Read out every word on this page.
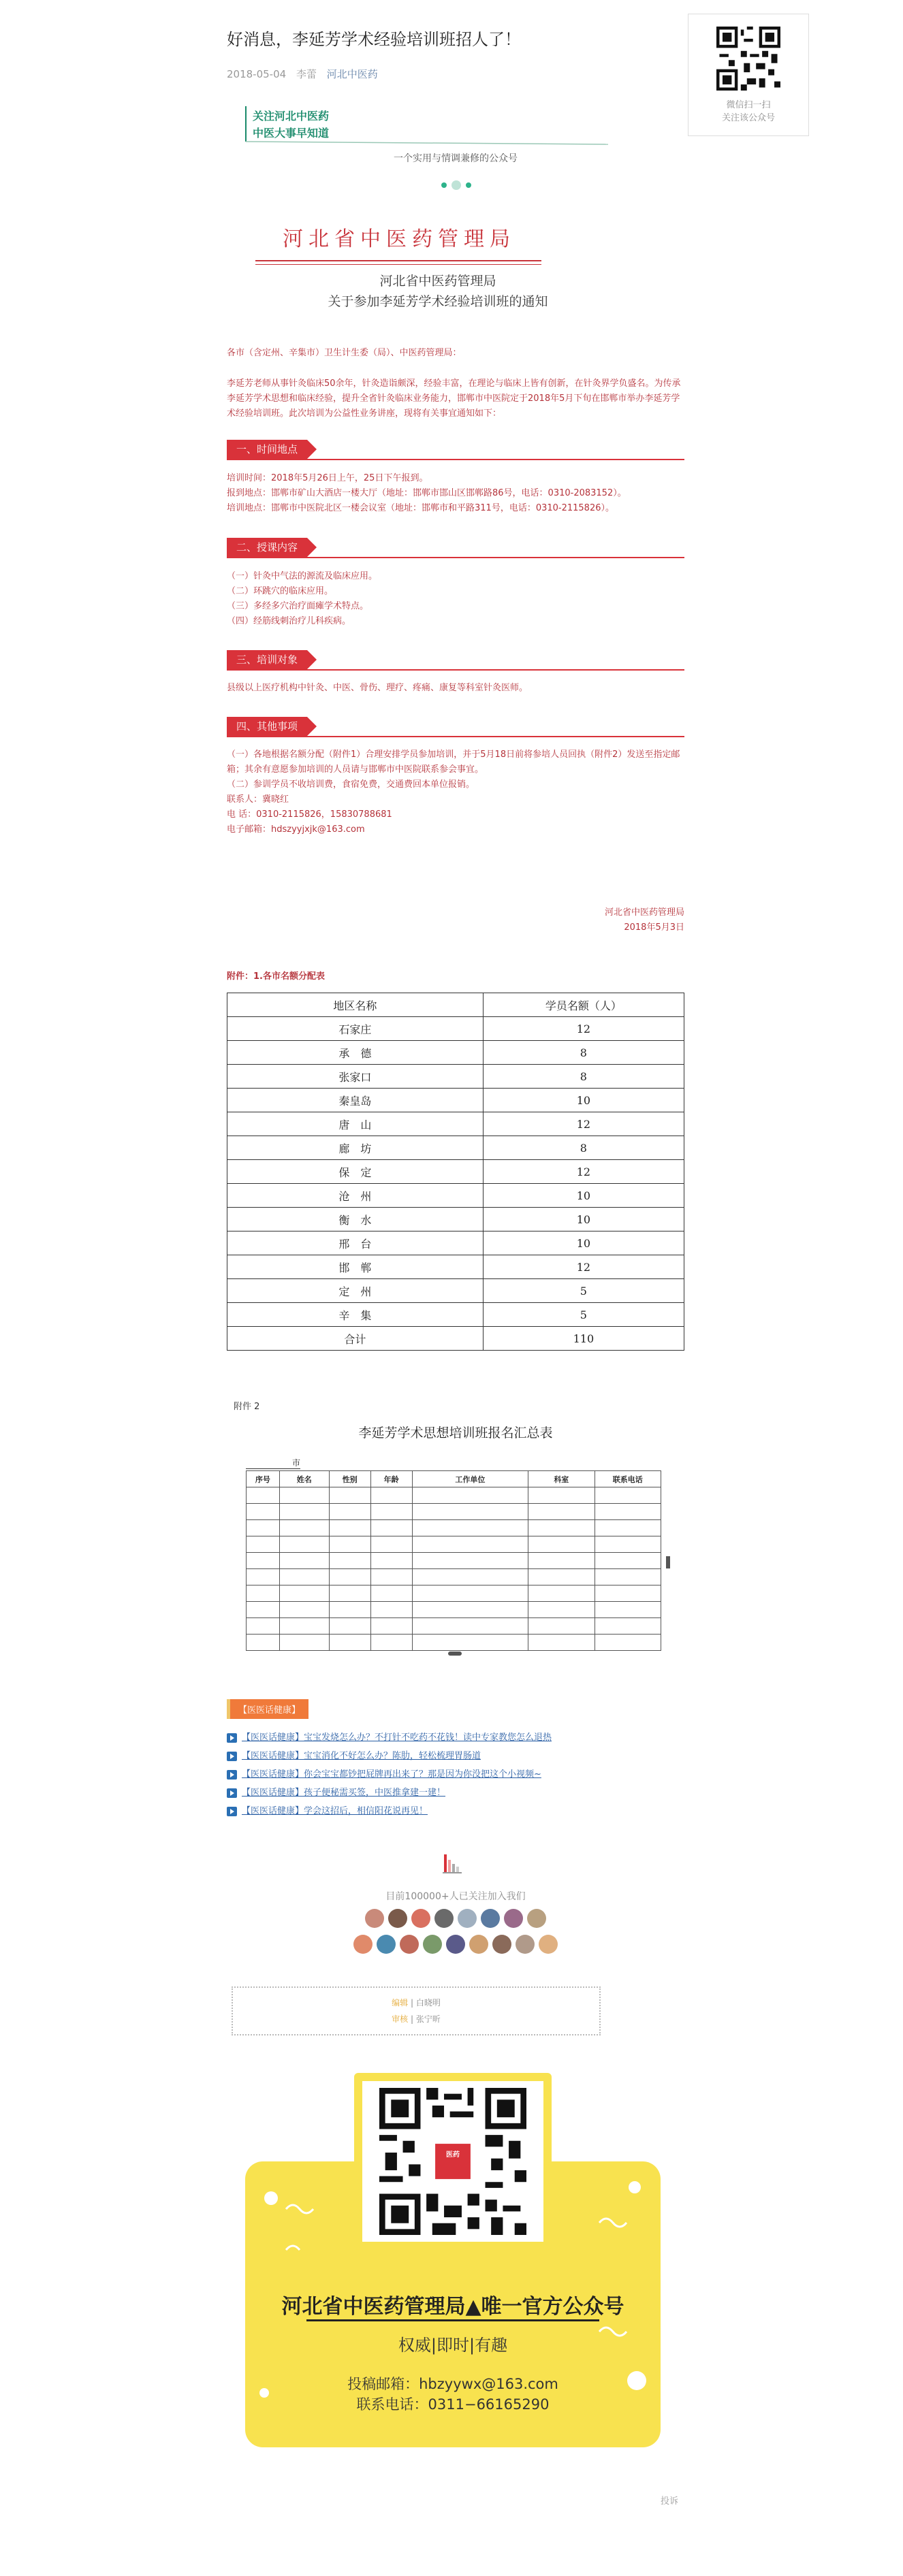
好消息，李延芳学术经验培训班招人了！
2018-05-04 李蕾 河北中医药
微信扫一扫
关注该公众号
关注河北中医药
中医大事早知道
一个实用与情调兼修的公众号
河北省中医药管理局
河北省中医药管理局
关于参加李延芳学术经验培训班的通知
各市（含定州、辛集市）卫生计生委（局）、中医药管理局：
李延芳老师从事针灸临床50余年，针灸造诣颇深，经验丰富，在理论与临床上皆有创新，在针灸界学负盛名。为传承李延芳学术思想和临床经验，提升全省针灸临床业务能力，邯郸市中医院定于2018年5月下旬在邯郸市举办李延芳学术经验培训班。此次培训为公益性业务讲座，现将有关事宜通知如下：
一、时间地点
培训时间：2018年5月26日上午，25日下午报到。
报到地点：邯郸市矿山大酒店一楼大厅（地址：邯郸市邯山区邯郸路86号，电话：0310-2083152）。
培训地点：邯郸市中医院北区一楼会议室（地址：邯郸市和平路311号，电话：0310-2115826）。
二、授课内容
（一）针灸中气法的源流及临床应用。
（二）环跳穴的临床应用。
（三）多经多穴治疗面瘫学术特点。
（四）经筋线刺治疗儿科疾病。
三、培训对象
县级以上医疗机构中针灸、中医、骨伤、理疗、疼痛、康复等科室针灸医师。
四、其他事项
（一）各地根据名额分配（附件1）合理安排学员参加培训，并于5月18日前将参培人员回执（附件2）发送至指定邮箱；其余有意愿参加培训的人员请与邯郸市中医院联系参会事宜。
（二）参训学员不收培训费，食宿免费，交通费回本单位报销。
联系人：冀晓红
电 话：0310-2115826，15830788681
电子邮箱：hdszyyjxjk@163.com
河北省中医药管理局
2018年5月3日
附件：1.各市名额分配表
地区名称	学员名额（人）
石家庄	12
承　德	8
张家口	8
秦皇岛	10
唐　山	12
廊　坊	8
保　定	12
沧　州	10
衡　水	10
邢　台	10
邯　郸	12
定　州	5
辛　集	5
合计	110
附件 2
李延芳学术思想培训班报名汇总表
市
序号	姓名	性别	年龄	工作单位	科室	联系电话

【医医话健康】
【医医话健康】宝宝发烧怎么办？不打针不吃药不花钱！读中专家教您怎么退热
【医医话健康】宝宝消化不好怎么办？陈肋，轻松梳理胃肠道
【医医话健康】你会宝宝都钞把屁牌再出来了？那是因为你没把这个小视频~
【医医话健康】孩子便秘需买签，中医推拿建一建！
【医医话健康】学会这招后，相信阳花说再见！
目前100000+人已关注加入我们
编辑 | 白晓明
审核 | 张宁昕
医药
河北省中医药管理局▲唯一官方公众号
权威|即时|有趣
投稿邮箱：hbzyywx@163.com
联系电话：0311−66165290
投诉
